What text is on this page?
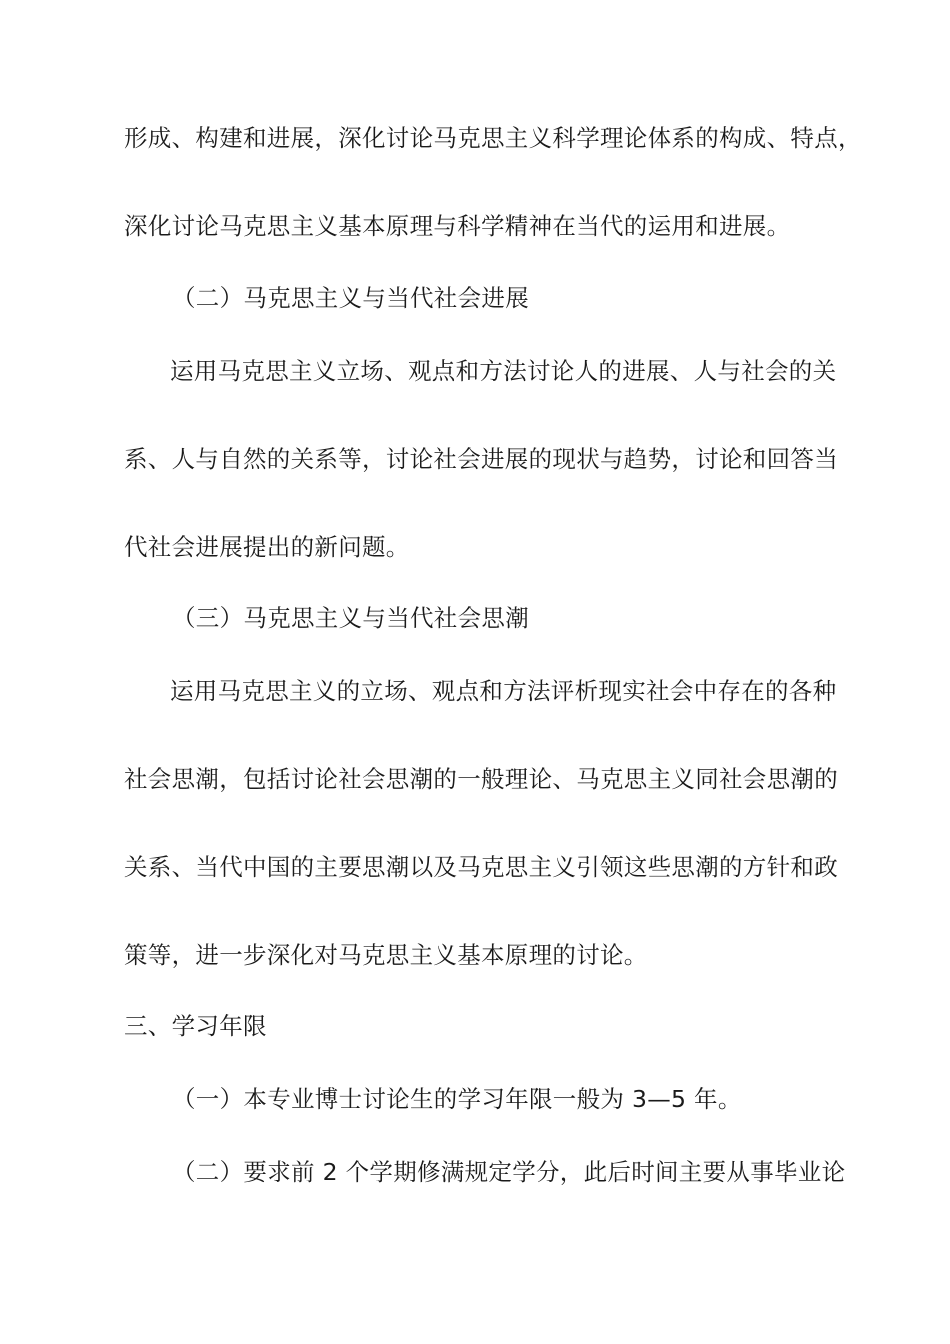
形成、构建和进展，深化讨论马克思主义科学理论体系的构成、特点，
深化讨论马克思主义基本原理与科学精神在当代的运用和进展。
（二）马克思主义与当代社会进展
运用马克思主义立场、观点和方法讨论人的进展、人与社会的关
系、人与自然的关系等，讨论社会进展的现状与趋势，讨论和回答当
代社会进展提出的新问题。
（三）马克思主义与当代社会思潮
运用马克思主义的立场、观点和方法评析现实社会中存在的各种
社会思潮，包括讨论社会思潮的一般理论、马克思主义同社会思潮的
关系、当代中国的主要思潮以及马克思主义引领这些思潮的方针和政
策等，进一步深化对马克思主义基本原理的讨论。
三、学习年限
（一）本专业博士讨论生的学习年限一般为 3—5 年。
（二）要求前 2 个学期修满规定学分，此后时间主要从事毕业论
